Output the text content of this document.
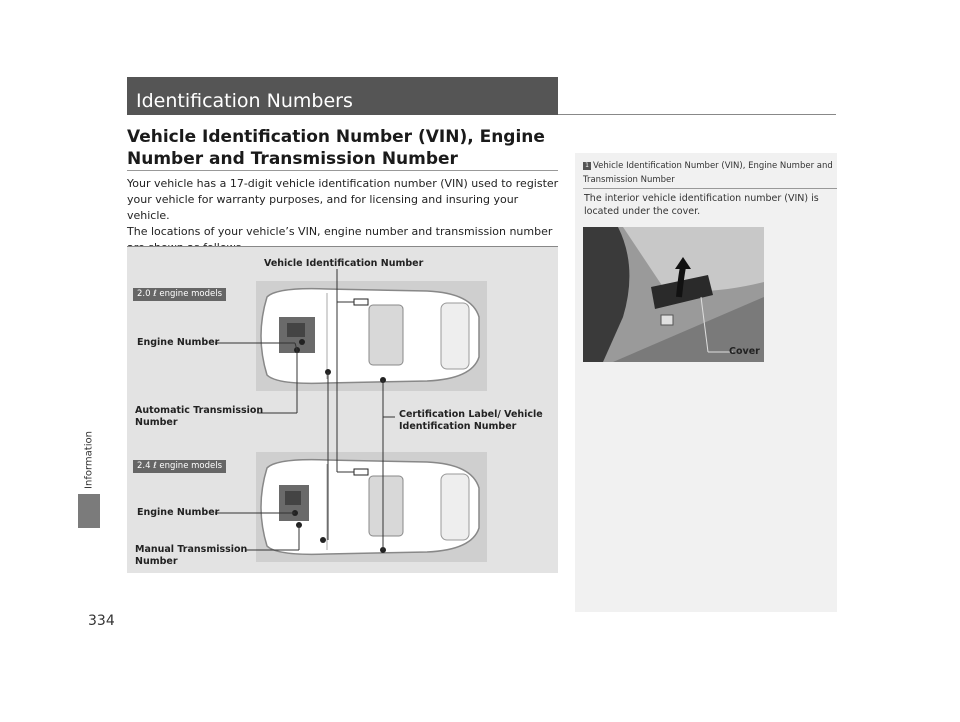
Information
334
Identification Numbers
Vehicle Identification Number (VIN), Engine Number and Transmission Number
Your vehicle has a 17-digit vehicle identification number (VIN) used to register your vehicle for warranty purposes, and for licensing and insuring your vehicle.
The locations of your vehicle’s VIN, engine number and transmission number
2.0 ℓ engine models
2.4 ℓ engine models
Vehicle Identification Number
Engine Number
Automatic Transmission Number
Certification Label/ Vehicle Identification Number
Engine Number
Manual Transmission Number
1 Vehicle Identification Number (VIN), Engine Number and Transmission Number
The interior vehicle identification number (VIN) is located under the cover.
Cover
